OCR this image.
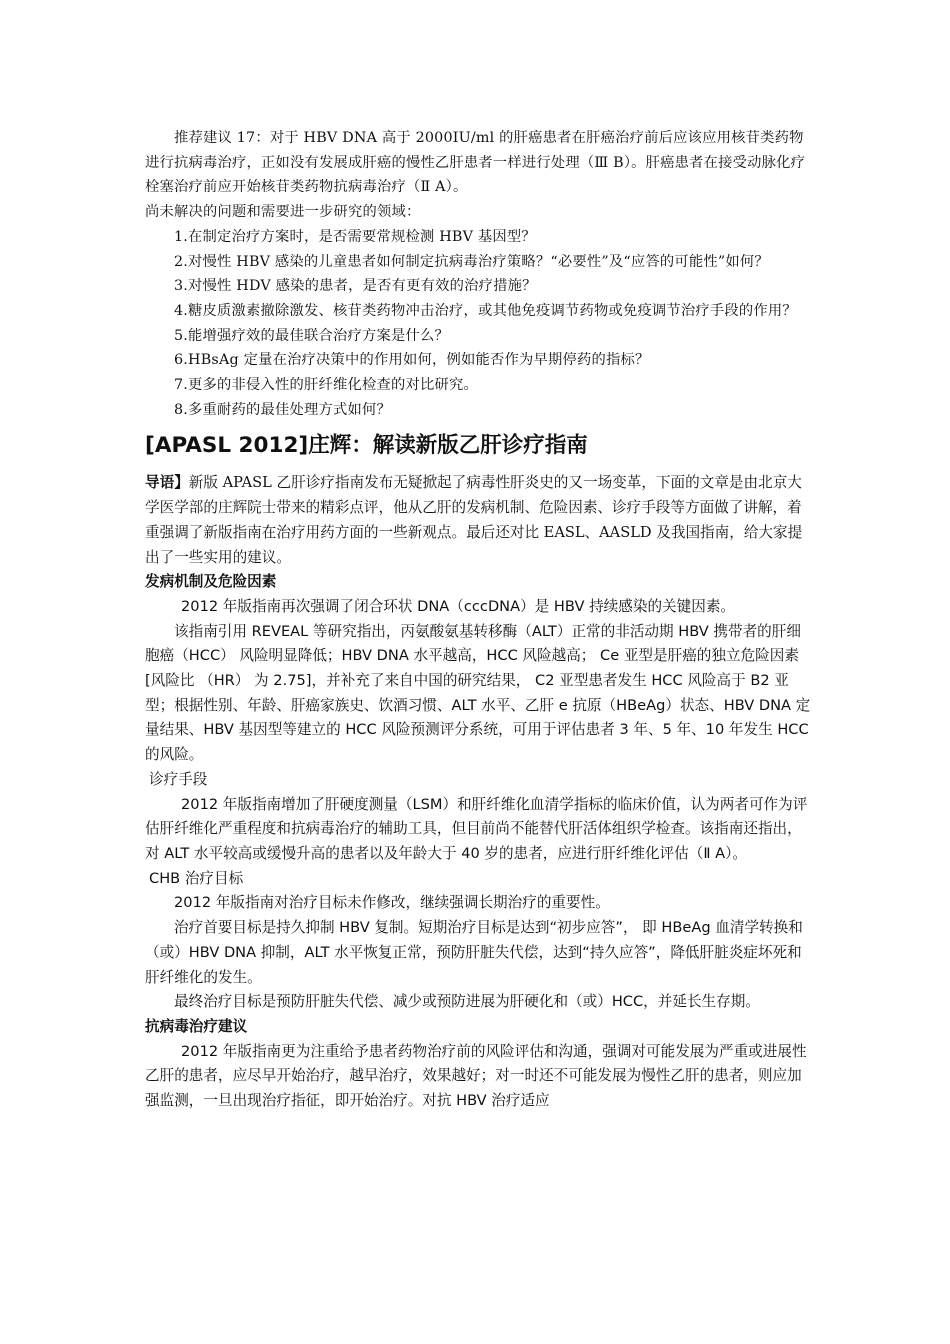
推荐建议 17：对于 HBV DNA 高于 2000IU/ml 的肝癌患者在肝癌治疗前后应该应用核苷类药物进行抗病毒治疗，正如没有发展成肝癌的慢性乙肝患者一样进行处理（Ⅲ B）。肝癌患者在接受动脉化疗栓塞治疗前应开始核苷类药物抗病毒治疗（Ⅱ A）。

尚未解决的问题和需要进一步研究的领域：

1.在制定治疗方案时，是否需要常规检测 HBV 基因型？

2.对慢性 HBV 感染的儿童患者如何制定抗病毒治疗策略？“必要性”及“应答的可能性”如何？

3.对慢性 HDV 感染的患者，是否有更有效的治疗措施？

4.糖皮质激素撤除激发、核苷类药物冲击治疗，或其他免疫调节药物或免疫调节治疗手段的作用？

5.能增强疗效的最佳联合治疗方案是什么？

6.HBsAg 定量在治疗决策中的作用如何，例如能否作为早期停药的指标？

7.更多的非侵入性的肝纤维化检查的对比研究。

8.多重耐药的最佳处理方式如何？

[APASL 2012]庄辉：解读新版乙肝诊疗指南

导语】新版 APASL 乙肝诊疗指南发布无疑掀起了病毒性肝炎史的又一场变革，下面的文章是由北京大学医学部的庄辉院士带来的精彩点评，他从乙肝的发病机制、危险因素、诊疗手段等方面做了讲解，着重强调了新版指南在治疗用药方面的一些新观点。最后还对比 EASL、AASLD 及我国指南，给大家提出了一些实用的建议。

发病机制及危险因素

2012 年版指南再次强调了闭合环状 DNA（cccDNA）是 HBV 持续感染的关键因素。

该指南引用 REVEAL 等研究指出，丙氨酸氨基转移酶（ALT）正常的非活动期 HBV 携带者的肝细胞癌（HCC） 风险明显降低；HBV DNA 水平越高，HCC 风险越高； Ce 亚型是肝癌的独立危险因素[风险比 （HR） 为 2.75]，并补充了来自中国的研究结果， C2 亚型患者发生 HCC 风险高于 B2 亚型；根据性别、年龄、肝癌家族史、饮酒习惯、ALT 水平、乙肝 e 抗原（HBeAg）状态、HBV DNA 定量结果、HBV 基因型等建立的 HCC 风险预测评分系统，可用于评估患者 3 年、5 年、10 年发生 HCC 的风险。

诊疗手段

2012 年版指南增加了肝硬度测量（LSM）和肝纤维化血清学指标的临床价值，认为两者可作为评估肝纤维化严重程度和抗病毒治疗的辅助工具，但目前尚不能替代肝活体组织学检查。该指南还指出，对 ALT 水平较高或缓慢升高的患者以及年龄大于 40 岁的患者，应进行肝纤维化评估（Ⅱ A）。

CHB 治疗目标

2012 年版指南对治疗目标未作修改，继续强调长期治疗的重要性。

治疗首要目标是持久抑制 HBV 复制。短期治疗目标是达到“初步应答”， 即 HBeAg 血清学转换和（或）HBV DNA 抑制，ALT 水平恢复正常，预防肝脏失代偿，达到“持久应答”，降低肝脏炎症坏死和肝纤维化的发生。

最终治疗目标是预防肝脏失代偿、减少或预防进展为肝硬化和（或）HCC，并延长生存期。

抗病毒治疗建议

2012 年版指南更为注重给予患者药物治疗前的风险评估和沟通，强调对可能发展为严重或进展性乙肝的患者，应尽早开始治疗，越早治疗，效果越好；对一时还不可能发展为慢性乙肝的患者，则应加强监测，一旦出现治疗指征，即开始治疗。对抗 HBV 治疗适应
